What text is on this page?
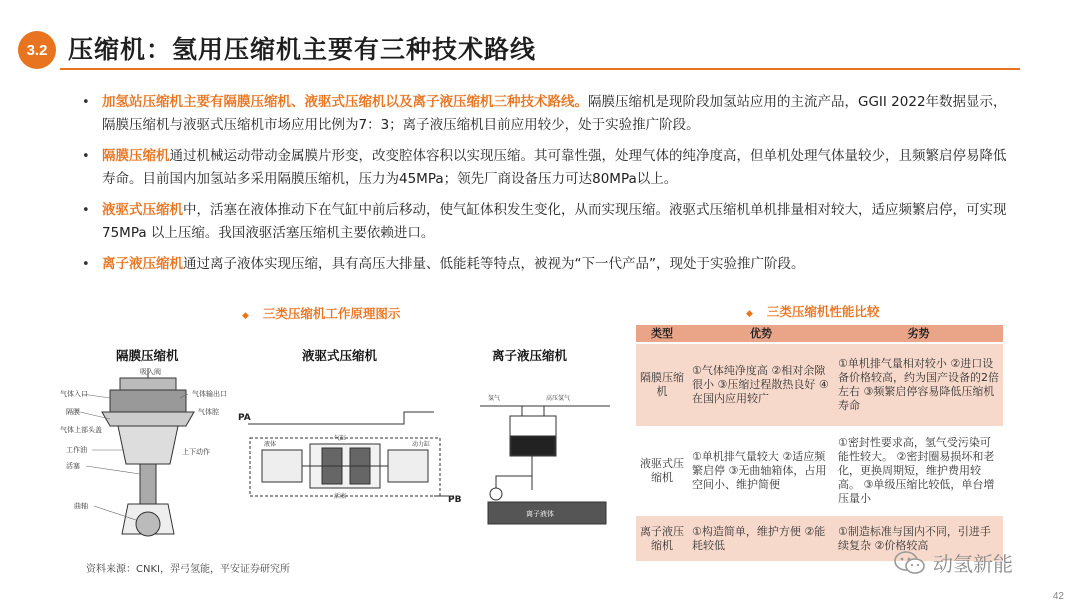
3.2 压缩机：氢用压缩机主要有三种技术路线
• 加氢站压缩机主要有隔膜压缩机、液驱式压缩机以及离子液压缩机三种技术路线。隔膜压缩机是现阶段加氢站应用的主流产品，GGII 2022年数据显示，隔膜压缩机与液驱式压缩机市场应用比例为7：3；离子液压缩机目前应用较少，处于实验推广阶段。
• 隔膜压缩机通过机械运动带动金属膜片形变，改变腔体容积以实现压缩。其可靠性强，处理气体的纯净度高，但单机处理气体量较少，且频繁启停易降低寿命。目前国内加氢站多采用隔膜压缩机，压力为45MPa；领先厂商设备压力可达80MPa以上。
• 液驱式压缩机中，活塞在液体推动下在气缸中前后移动，使气缸体积发生变化，从而实现压缩。液驱式压缩机单机排量相对较大，适应频繁启停，可实现 75MPa 以上压缩。我国液驱活塞压缩机主要依赖进口。
• 离子液压缩机通过离子液体实现压缩，具有高压大排量、低能耗等特点，被视为“下一代产品”，现处于实验推广阶段。
◆ 三类压缩机工作原理图示
隔膜压缩机	液驱式压缩机	离子液压缩机
吸入阀
气体入口	气体输出口
隔膜
气体上部头盖
气体腔
工作油	上下动作
活塞
曲轴
PA
PB
液体
气缸
活塞
动力缸
氢气	高压氢气
离子液体
◆ 三类压缩机性能比较
类型	优势	劣势
隔膜压缩机	①气体纯净度高 ②相对余隙很小 ③压缩过程散热良好 ④在国内应用较广	①单机排气量相对较小 ②进口设备价格较高，约为国产设备的2倍左右 ③频繁启停容易降低压缩机寿命
液驱式压缩机	①单机排气量较大 ②适应频繁启停 ③无曲轴箱体，占用空间小、维护简便	①密封性要求高，氢气受污染可能性较大。 ②密封圈易损坏和老化，更换周期短，维护费用较高。 ③单级压缩比较低，单台增压量小
离子液压缩机	①构造简单，维护方便 ②能耗较低	①制造标准与国内不同，引进手续复杂 ②价格较高
资料来源：CNKI，羿弓氢能，平安证券研究所	动氢新能
42
